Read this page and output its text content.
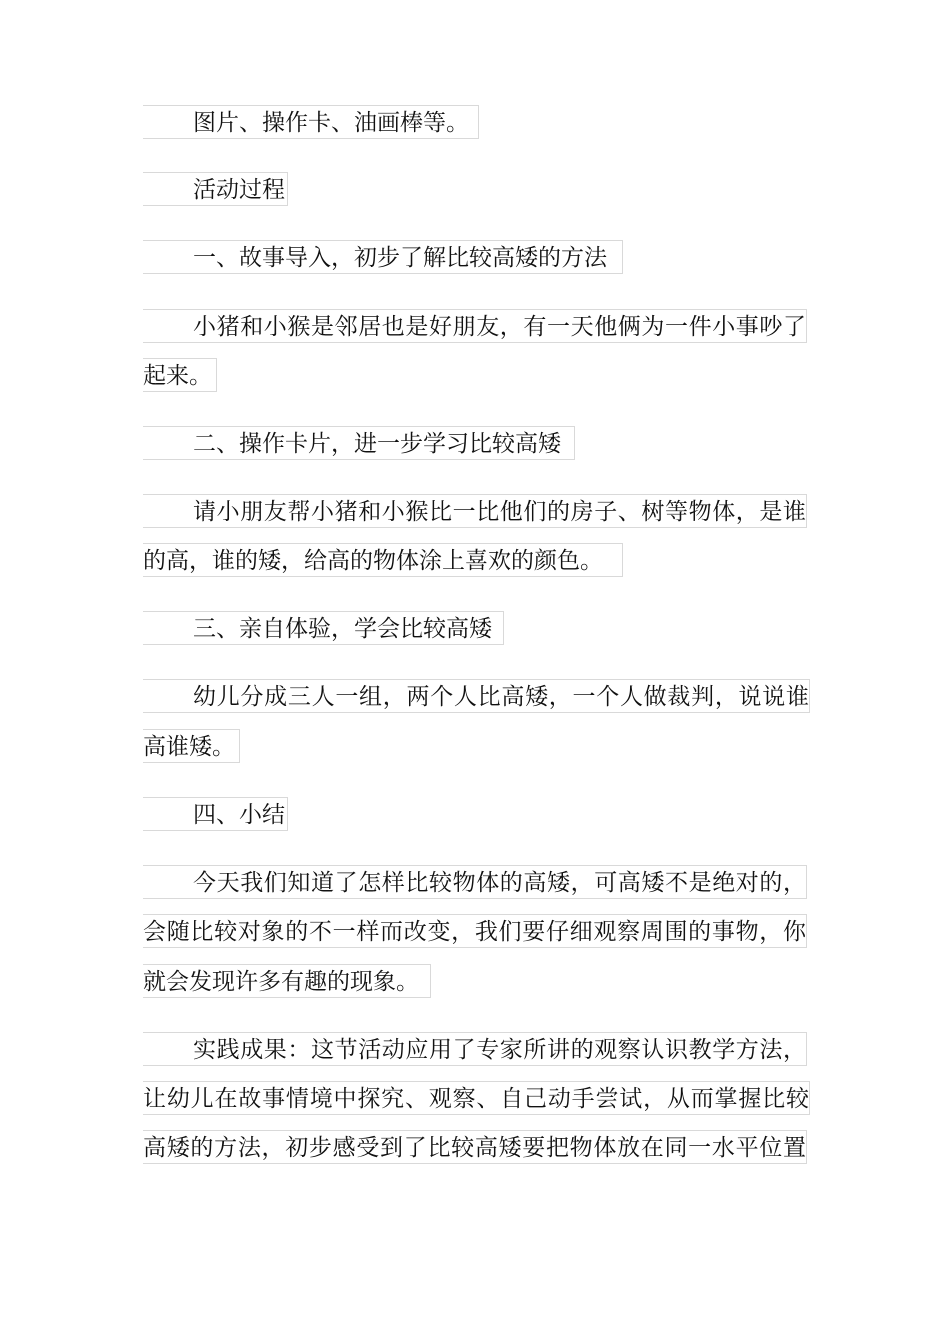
图片、操作卡、油画棒等。
活动过程
一、故事导入，初步了解比较高矮的方法
小猪和小猴是邻居也是好朋友，有一天他俩为一件小事吵了
起来。
二、操作卡片，进一步学习比较高矮
请小朋友帮小猪和小猴比一比他们的房子、树等物体，是谁
的高，谁的矮，给高的物体涂上喜欢的颜色。
三、亲自体验，学会比较高矮
幼儿分成三人一组，两个人比高矮，一个人做裁判，说说谁
高谁矮。
四、小结
今天我们知道了怎样比较物体的高矮，可高矮不是绝对的，
会随比较对象的不一样而改变，我们要仔细观察周围的事物，你
就会发现许多有趣的现象。
实践成果：这节活动应用了专家所讲的观察认识教学方法，
让幼儿在故事情境中探究、观察、自己动手尝试，从而掌握比较
高矮的方法，初步感受到了比较高矮要把物体放在同一水平位置
